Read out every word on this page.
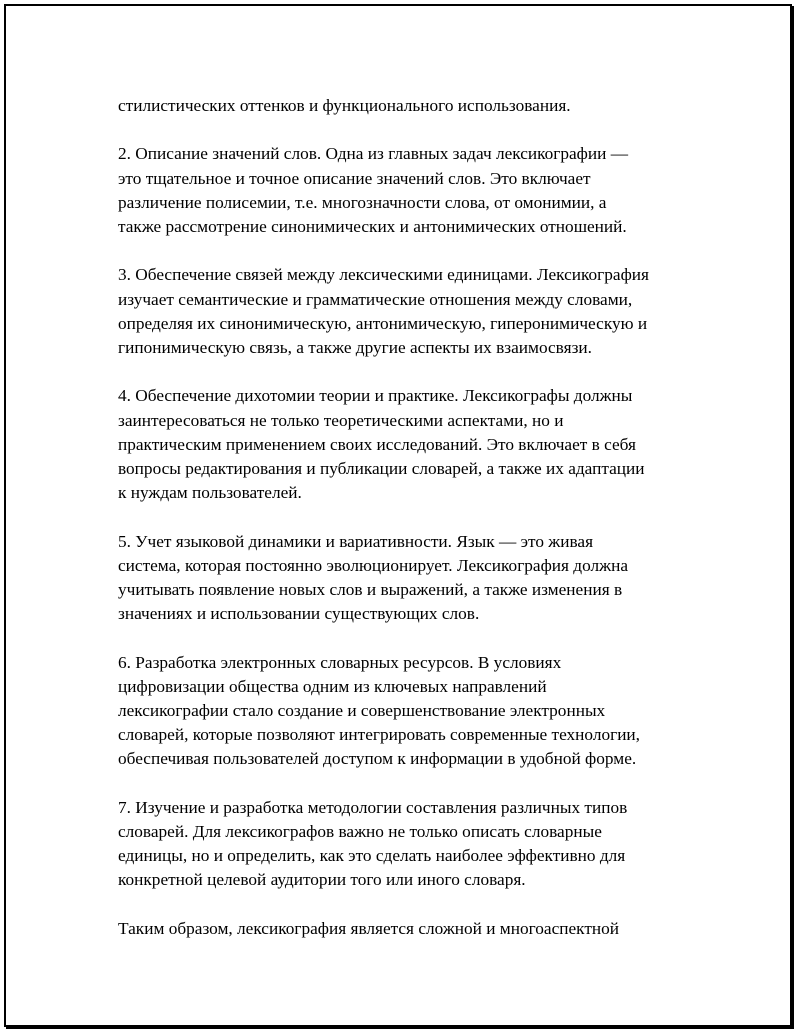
стилистических оттенков и функционального использования.

2. Описание значений слов. Одна из главных задач лексикографии —
это тщательное и точное описание значений слов. Это включает
различение полисемии, т.е. многозначности слова, от омонимии, а
также рассмотрение синонимических и антонимических отношений.

3. Обеспечение связей между лексическими единицами. Лексикография
изучает семантические и грамматические отношения между словами,
определяя их синонимическую, антонимическую, гиперонимическую и
гипонимическую связь, а также другие аспекты их взаимосвязи.

4. Обеспечение дихотомии теории и практике. Лексикографы должны
заинтересоваться не только теоретическими аспектами, но и
практическим применением своих исследований. Это включает в себя
вопросы редактирования и публикации словарей, а также их адаптации
к нуждам пользователей.

5. Учет языковой динамики и вариативности. Язык — это живая
система, которая постоянно эволюционирует. Лексикография должна
учитывать появление новых слов и выражений, а также изменения в
значениях и использовании существующих слов.

6. Разработка электронных словарных ресурсов. В условиях
цифровизации общества одним из ключевых направлений
лексикографии стало создание и совершенствование электронных
словарей, которые позволяют интегрировать современные технологии,
обеспечивая пользователей доступом к информации в удобной форме.

7. Изучение и разработка методологии составления различных типов
словарей. Для лексикографов важно не только описать словарные
единицы, но и определить, как это сделать наиболее эффективно для
конкретной целевой аудитории того или иного словаря.

Таким образом, лексикография является сложной и многоаспектной
